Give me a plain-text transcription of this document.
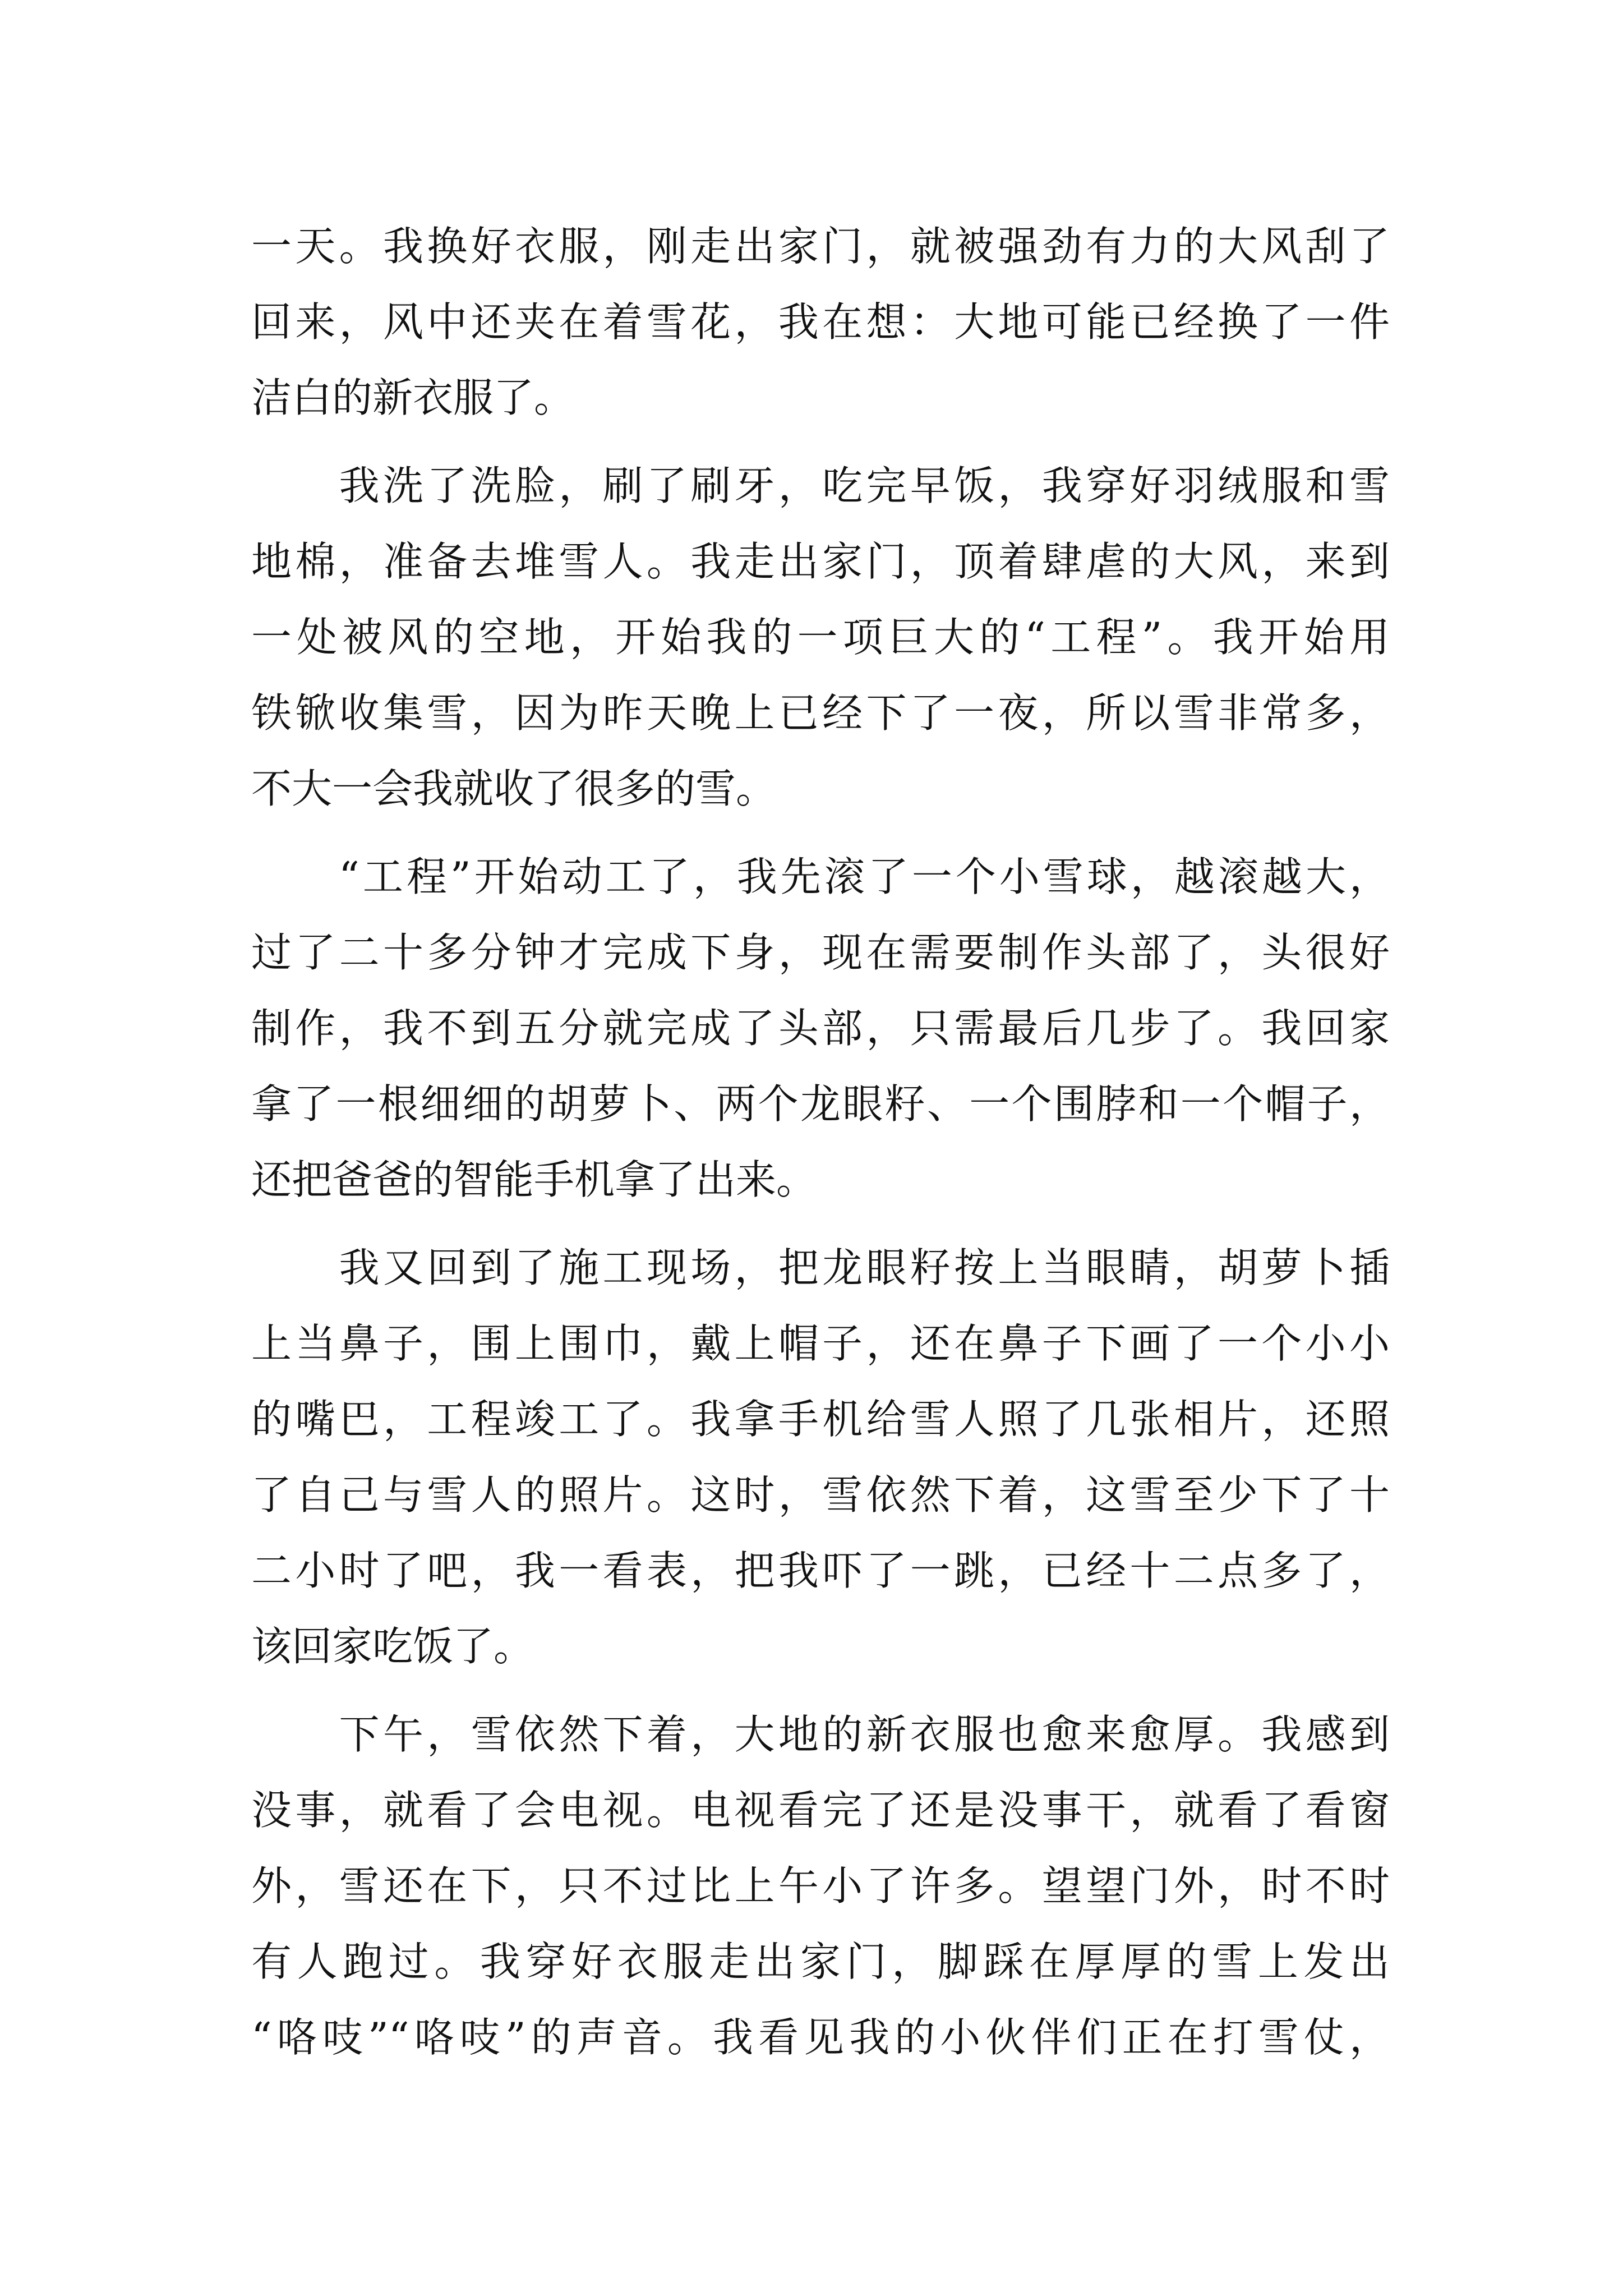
一天。我换好衣服，刚走出家门，就被强劲有力的大风刮了
回来，风中还夹在着雪花，我在想：大地可能已经换了一件
洁白的新衣服了。
　　我洗了洗脸，刷了刷牙，吃完早饭，我穿好羽绒服和雪
地棉，准备去堆雪人。我走出家门，顶着肆虐的大风，来到
一处被风的空地，开始我的一项巨大的“工程”。我开始用
铁锨收集雪，因为昨天晚上已经下了一夜，所以雪非常多，
不大一会我就收了很多的雪。
　　“工程”开始动工了，我先滚了一个小雪球，越滚越大，
过了二十多分钟才完成下身，现在需要制作头部了，头很好
制作，我不到五分就完成了头部，只需最后几步了。我回家
拿了一根细细的胡萝卜、两个龙眼籽、一个围脖和一个帽子，
还把爸爸的智能手机拿了出来。
　　我又回到了施工现场，把龙眼籽按上当眼睛，胡萝卜插
上当鼻子，围上围巾，戴上帽子，还在鼻子下画了一个小小
的嘴巴，工程竣工了。我拿手机给雪人照了几张相片，还照
了自己与雪人的照片。这时，雪依然下着，这雪至少下了十
二小时了吧，我一看表，把我吓了一跳，已经十二点多了，
该回家吃饭了。
　　下午，雪依然下着，大地的新衣服也愈来愈厚。我感到
没事，就看了会电视。电视看完了还是没事干，就看了看窗
外，雪还在下，只不过比上午小了许多。望望门外，时不时
有人跑过。我穿好衣服走出家门，脚踩在厚厚的雪上发出
“咯吱”“咯吱”的声音。我看见我的小伙伴们正在打雪仗，
